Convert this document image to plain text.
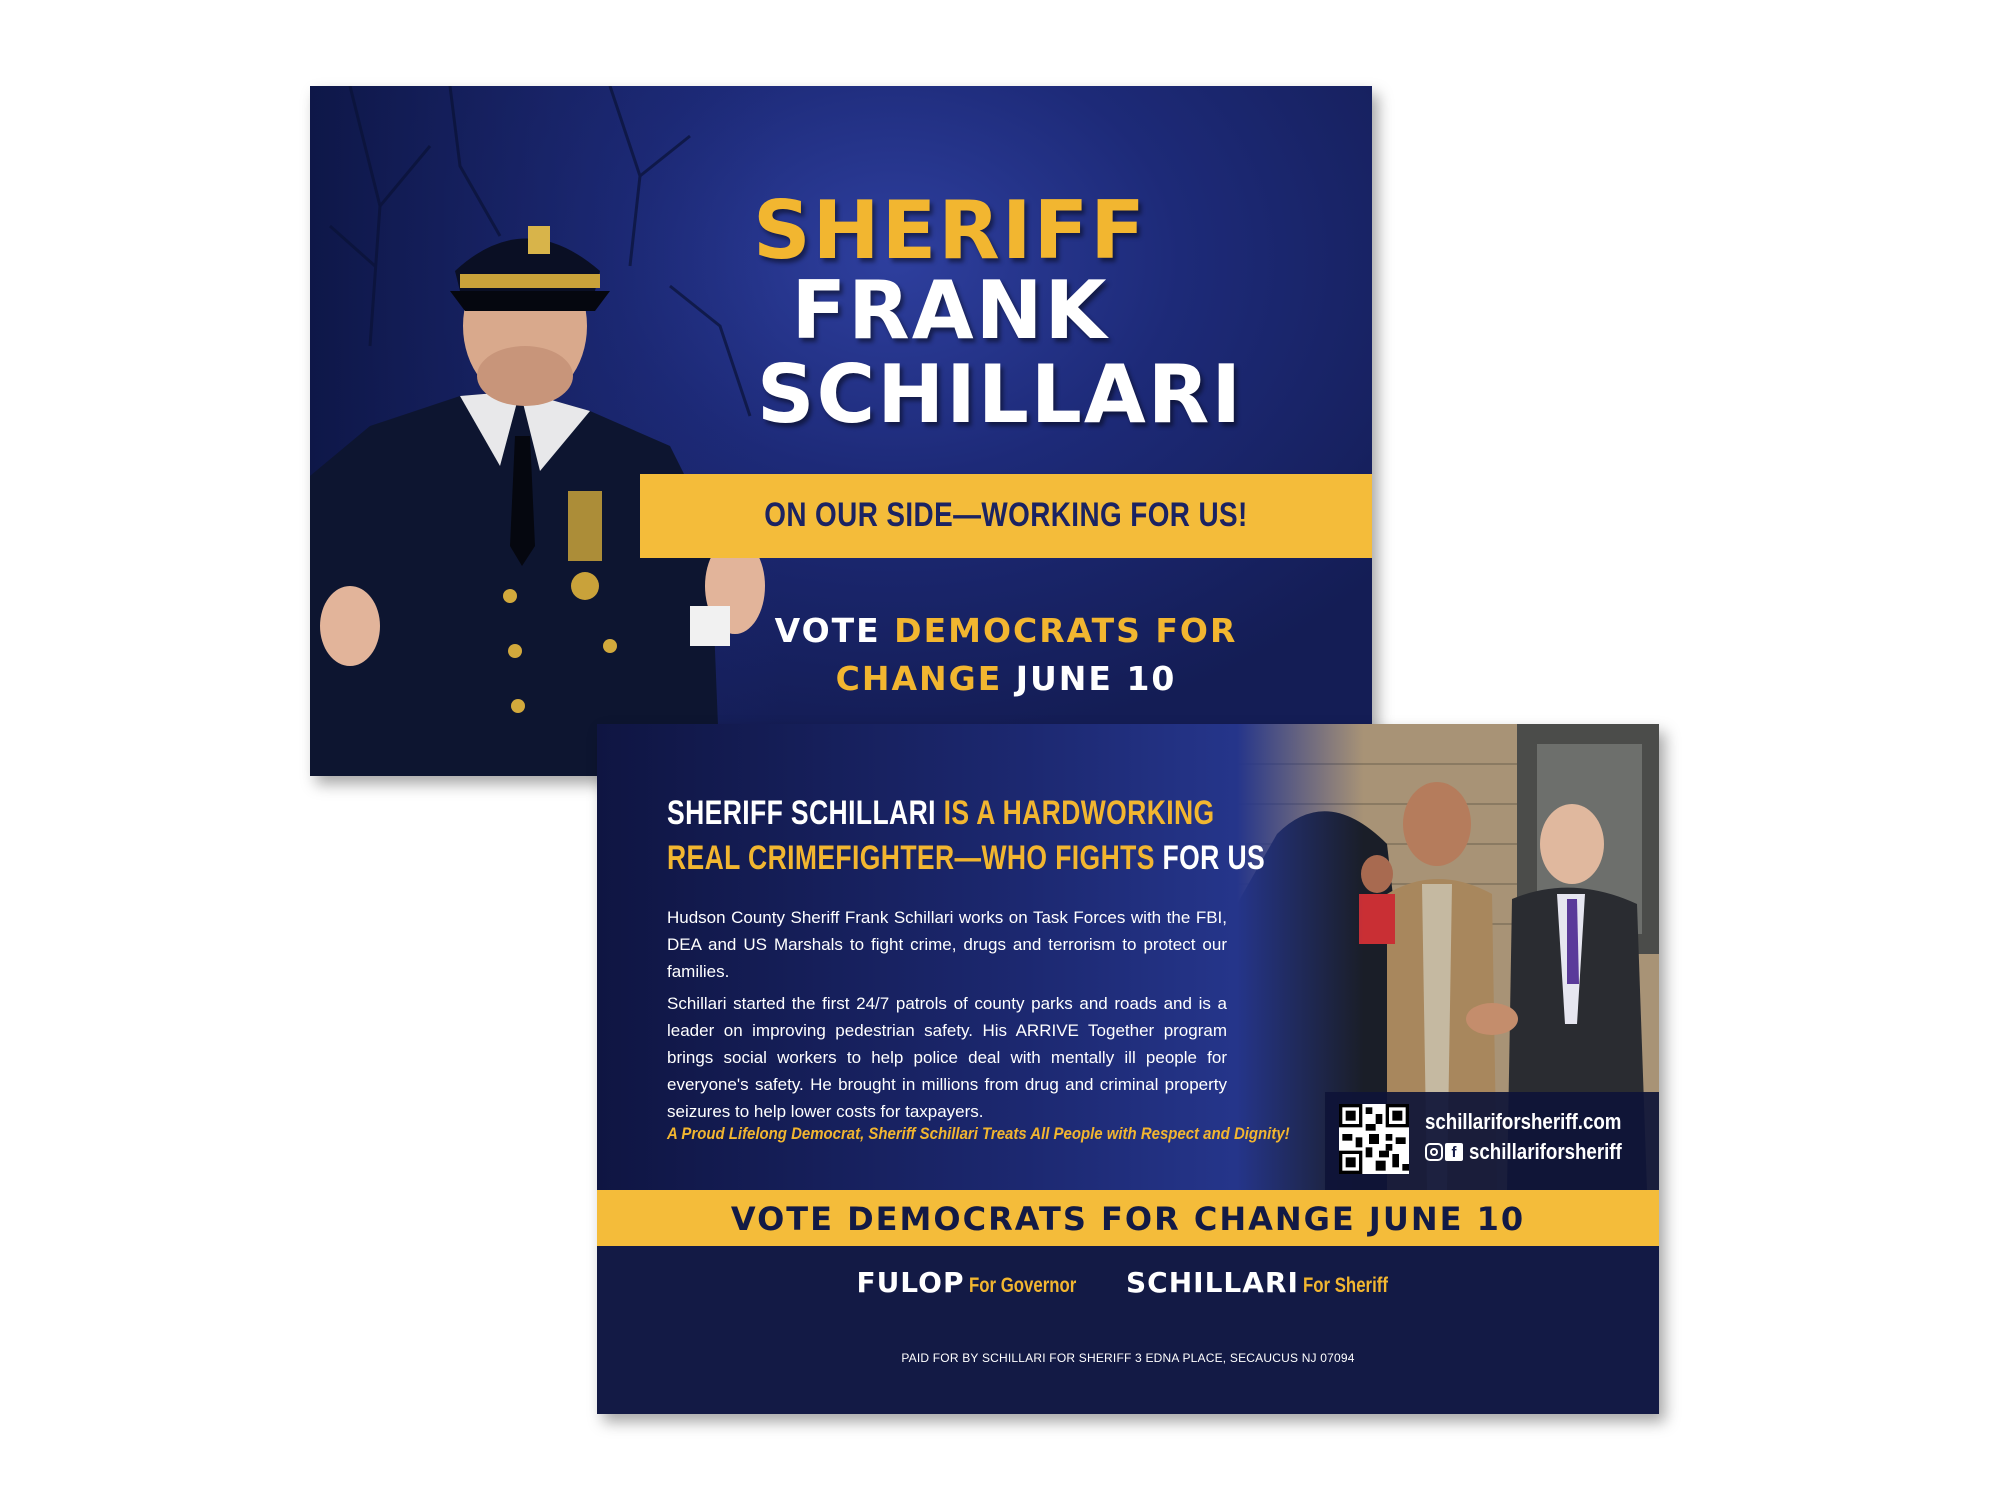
SHERIFF
FRANK
SCHILLARI
ON OUR SIDE—WORKING FOR US!
VOTE DEMOCRATS FOR
CHANGE JUNE 10
SHERIFF SCHILLARI IS A HARDWORKING
REAL CRIMEFIGHTER—WHO FIGHTS FOR US
Hudson County Sheriff Frank Schillari works on Task Forces with the FBI, DEA and US Marshals to fight crime, drugs and terrorism to protect our families.
Schillari started the first 24/7 patrols of county parks and roads and is a leader on improving pedestrian safety. His ARRIVE Together program brings social workers to help police deal with mentally ill people for everyone's safety. He brought in millions from drug and criminal property seizures to help lower costs for taxpayers.
A Proud Lifelong Democrat, Sheriff Schillari Treats All People with Respect and Dignity!	schillariforsheriff.com
f schillariforsheriff
VOTE DEMOCRATS FOR CHANGE JUNE 10
FULOP For Governor SCHILLARI For Sheriff
PAID FOR BY SCHILLARI FOR SHERIFF 3 EDNA PLACE, SECAUCUS NJ 07094
